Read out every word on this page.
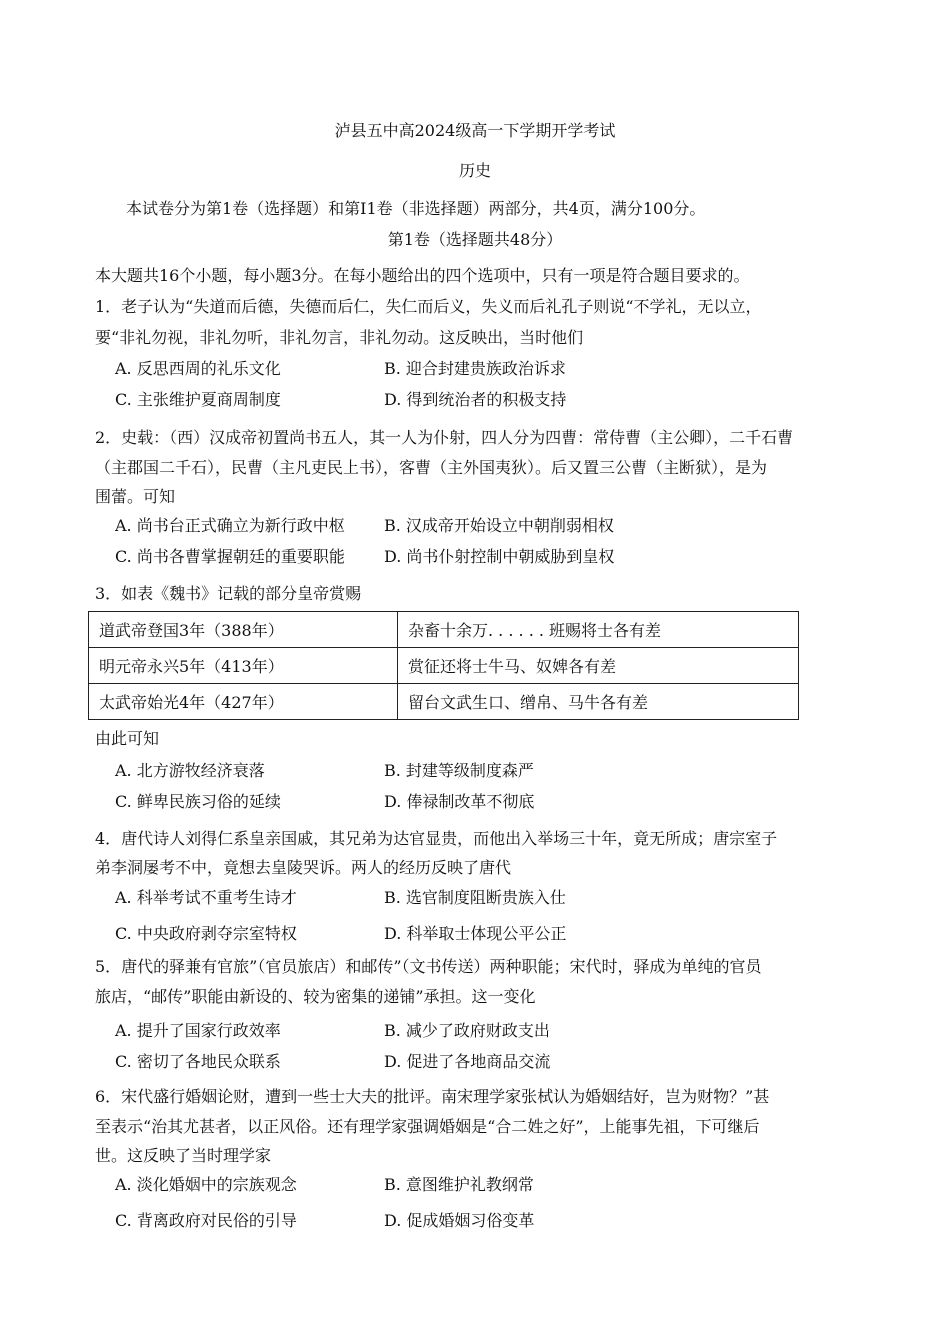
泸县五中高2024级高一下学期开学考试
历史
本试卷分为第1卷（选择题）和第I1卷（非选择题）两部分，共4页，满分100分。
第1卷（选择题共48分）
本大题共16个小题，每小题3分。在每小题给出的四个选项中，只有一项是符合题目要求的。
1．老子认为“失道而后德，失德而后仁，失仁而后义，失义而后礼孔子则说“不学礼，无以立，
要“非礼勿视，非礼勿听，非礼勿言，非礼勿动。这反映出，当时他们
A. 反思西周的礼乐文化	B. 迎合封建贵族政治诉求
C. 主张维护夏商周制度	D. 得到统治者的积极支持
2．史载：（西）汉成帝初置尚书五人，其一人为仆射，四人分为四曹：常侍曹（主公卿），二千石曹
（主郡国二千石），民曹（主凡吏民上书），客曹（主外国夷狄）。后又置三公曹（主断狱），是为
围蕾。可知
A. 尚书台正式确立为新行政中枢 B. 汉成帝开始设立中朝削弱相权
C. 尚书各曹掌握朝廷的重要职能 D. 尚书仆射控制中朝威胁到皇权
3．如表《魏书》记载的部分皇帝赏赐
道武帝登国3年（388年）	杂畜十余万. . . . . . 班赐将士各有差
明元帝永兴5年（413年）	赏征还将士牛马、奴婢各有差
太武帝始光4年（427年）	留台文武生口、缯帛、马牛各有差
由此可知
A. 北方游牧经济衰落	B. 封建等级制度森严
C. 鲜卑民族习俗的延续	D. 俸禄制改革不彻底
4．唐代诗人刘得仁系皇亲国戚，其兄弟为达官显贵，而他出入举场三十年，竟无所成；唐宗室子
弟李洞屡考不中，竟想去皇陵哭诉。两人的经历反映了唐代
A. 科举考试不重考生诗才	B. 选官制度阻断贵族入仕
C. 中央政府剥夺宗室特权	D. 科举取士体现公平公正
5．唐代的驿兼有官旅”（官员旅店）和邮传”（文书传送）两种职能；宋代时，驿成为单纯的官员
旅店，“邮传”职能由新设的、较为密集的递铺”承担。这一变化
A. 提升了国家行政效率	B. 减少了政府财政支出
C. 密切了各地民众联系	D. 促进了各地商品交流
6．宋代盛行婚姻论财，遭到一些士大夫的批评。南宋理学家张栻认为婚姻结好，岂为财物？”甚
至表示“治其尤甚者，以正风俗。还有理学家强调婚姻是“合二姓之好”，上能事先祖，下可继后
世。这反映了当时理学家
A. 淡化婚姻中的宗族观念	B. 意图维护礼教纲常
C. 背离政府对民俗的引导	D. 促成婚姻习俗变革
